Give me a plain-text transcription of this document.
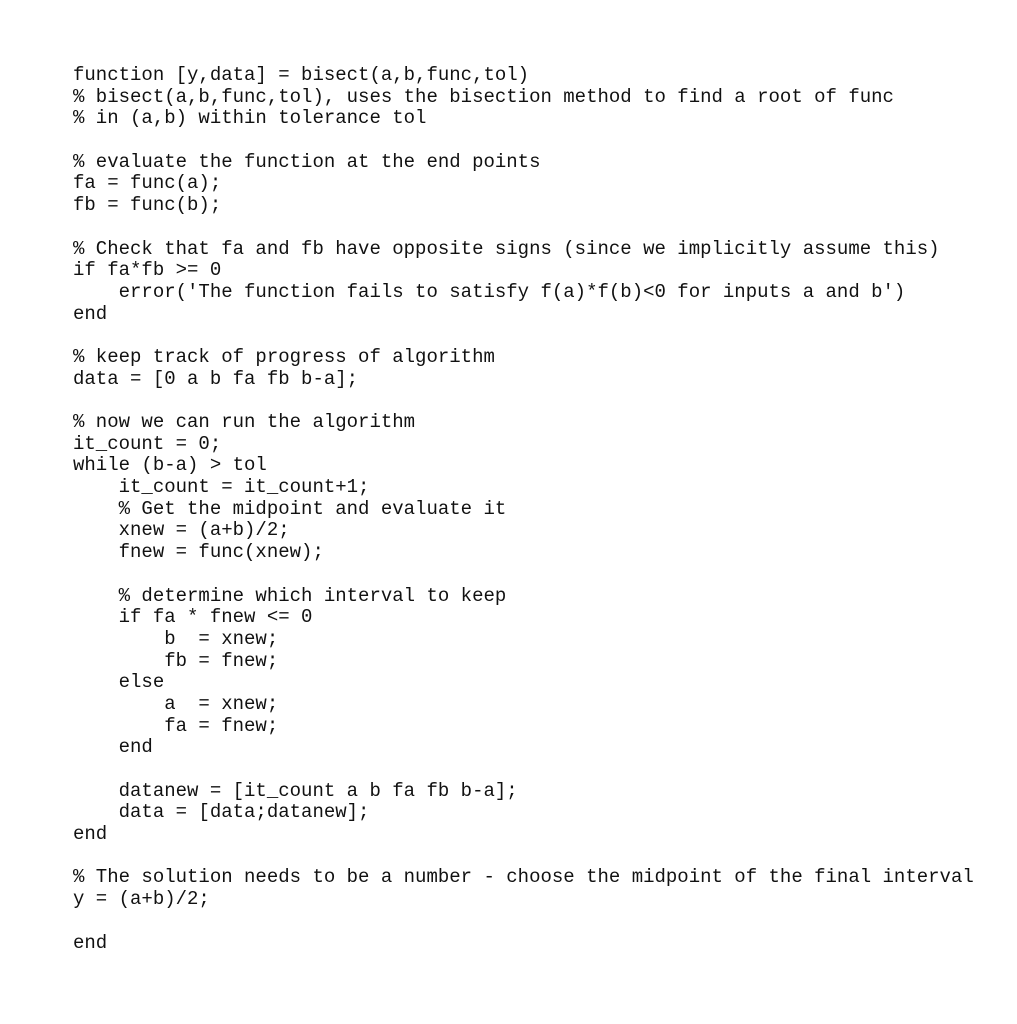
function [y,data] = bisect(a,b,func,tol)
% bisect(a,b,func,tol), uses the bisection method to find a root of func
% in (a,b) within tolerance tol
% evaluate the function at the end points
fa = func(a);
fb = func(b);
% Check that fa and fb have opposite signs (since we implicitly assume this)
if fa*fb >= 0
error('The function fails to satisfy f(a)*f(b)<0 for inputs a and b')
end
% keep track of progress of algorithm
data = [0 a b fa fb b-a];
% now we can run the algorithm
it_count = 0;
while (b-a) > tol
it_count = it_count+1;
% Get the midpoint and evaluate it
xnew = (a+b)/2;
fnew = func(xnew);
% determine which interval to keep
if fa * fnew <= 0
b  = xnew;
fb = fnew;
else
a  = xnew;
fa = fnew;
end
datanew = [it_count a b fa fb b-a];
data = [data;datanew];
end
% The solution needs to be a number - choose the midpoint of the final interval
y = (a+b)/2;
end
